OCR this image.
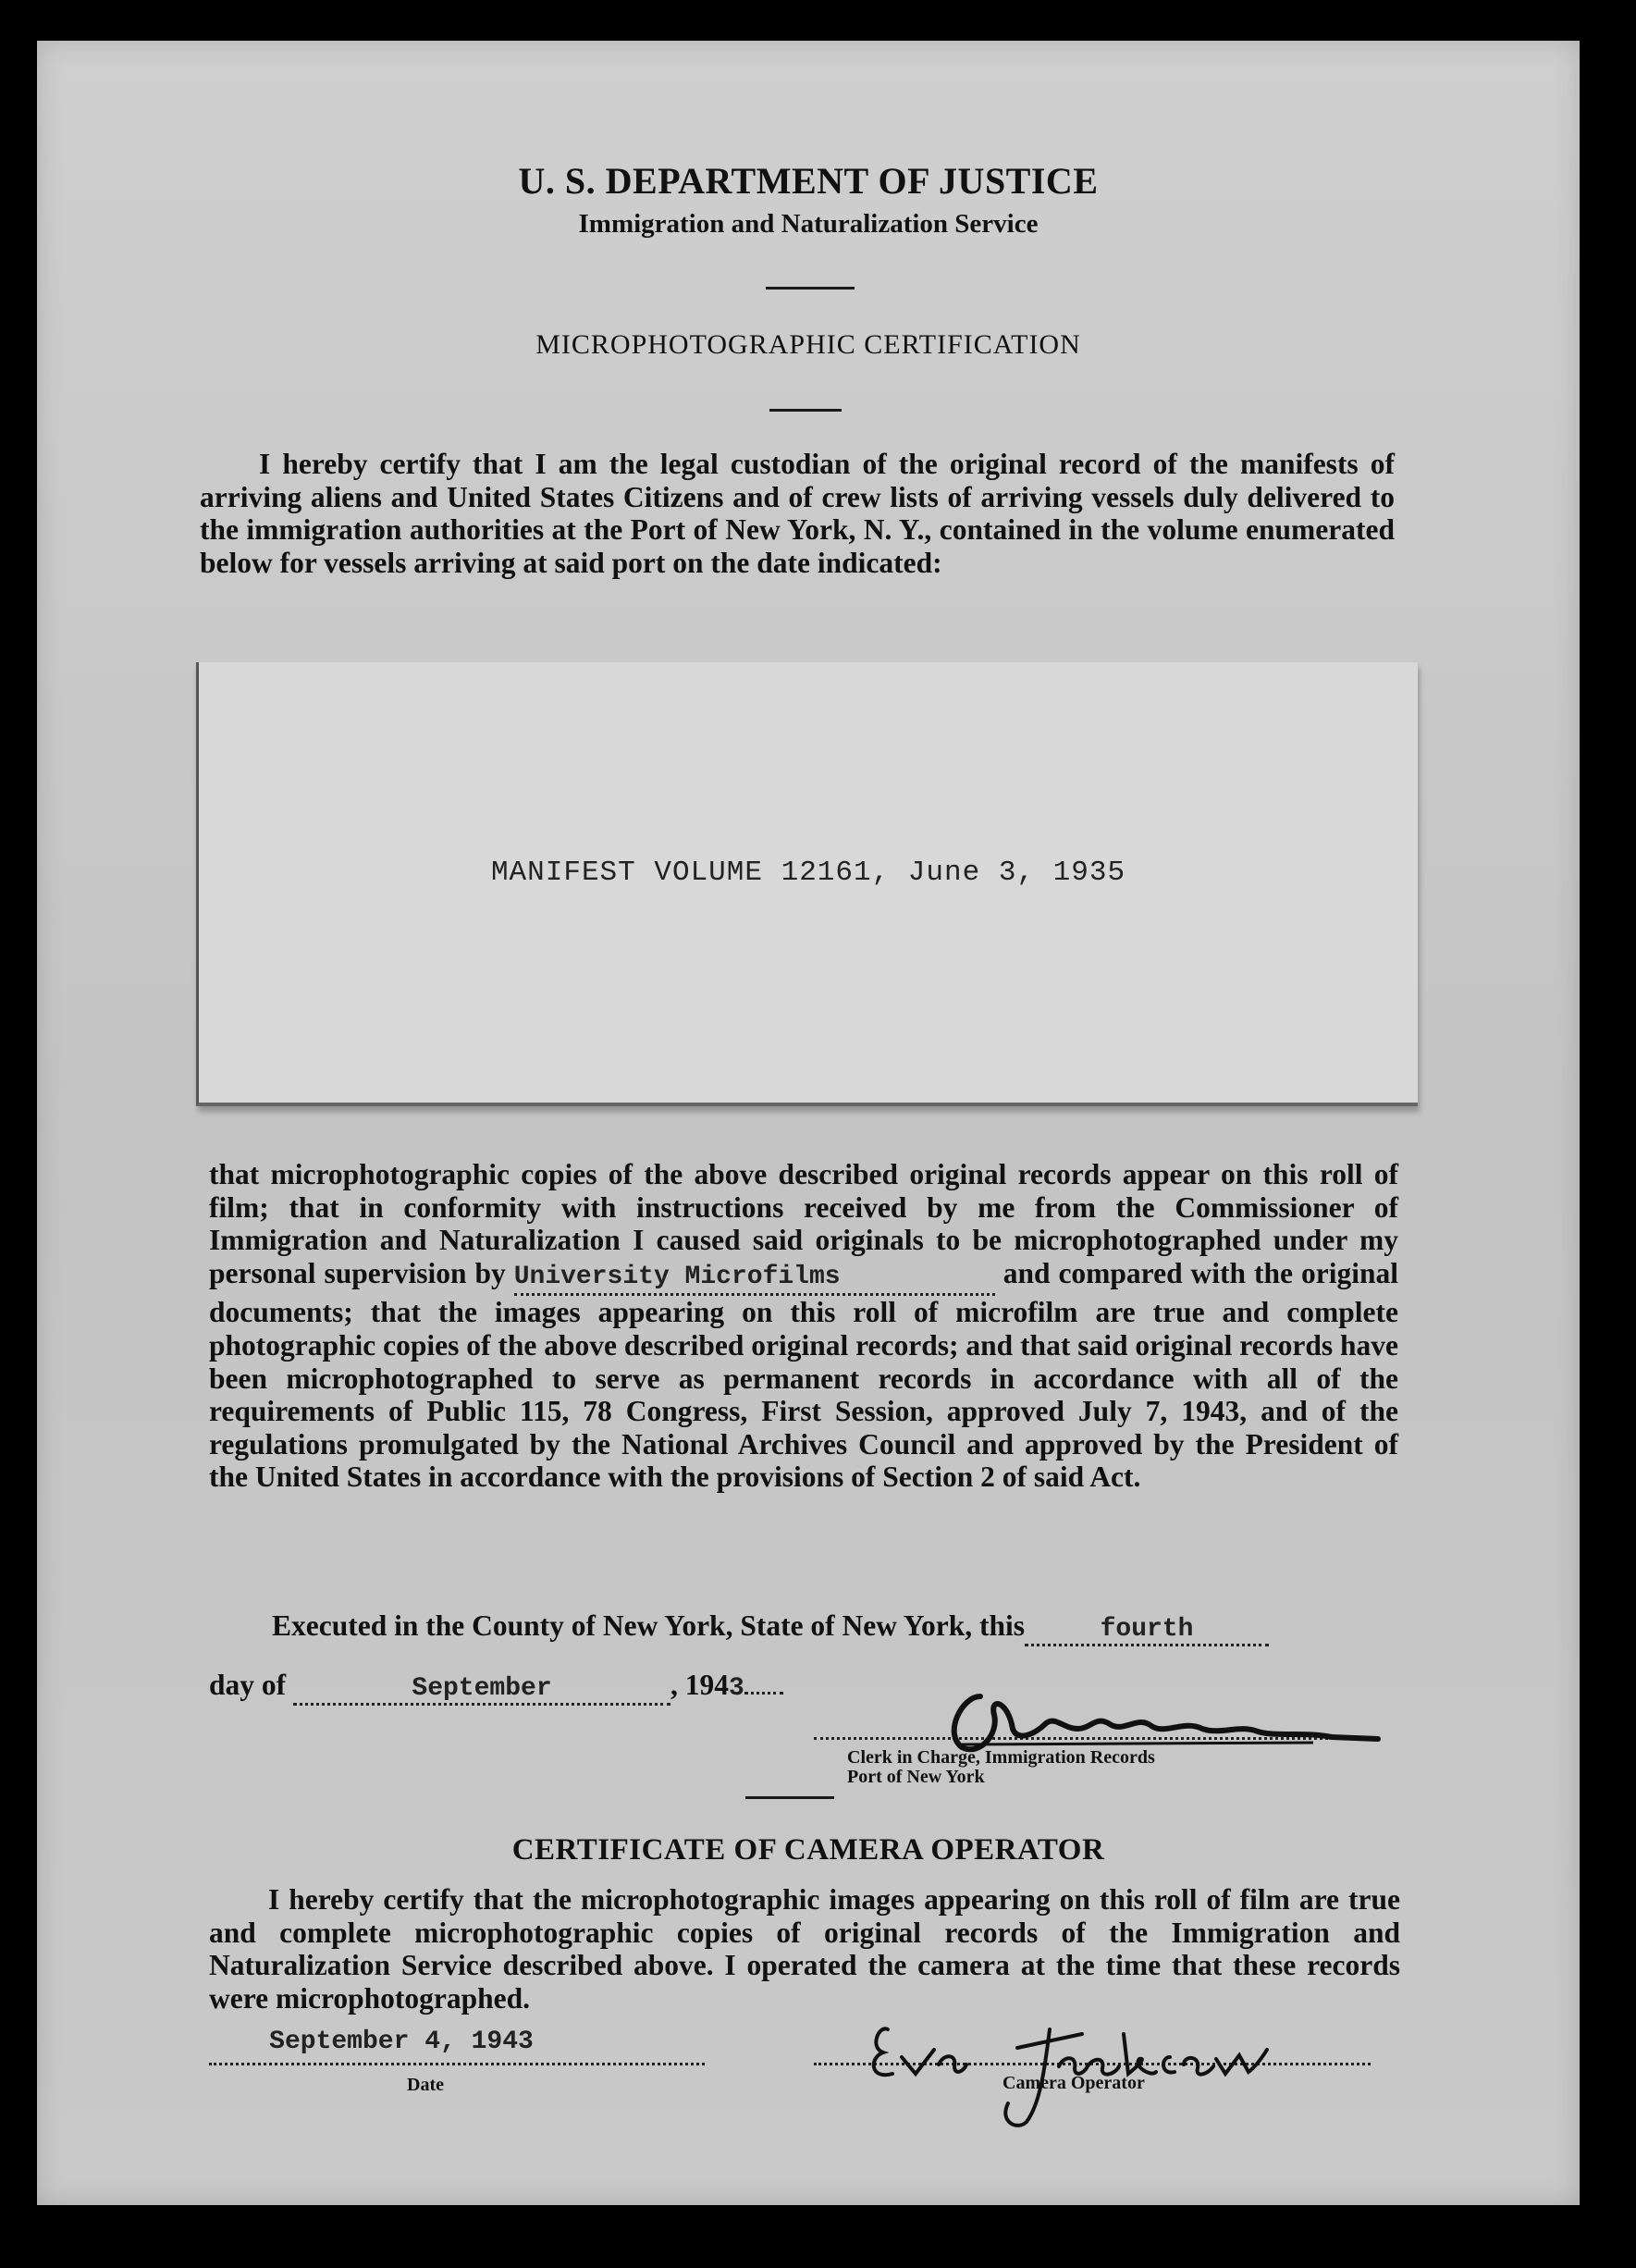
U. S. DEPARTMENT OF JUSTICE
Immigration and Naturalization Service
MICROPHOTOGRAPHIC CERTIFICATION
I hereby certify that I am the legal custodian of the original record of the manifests of arriving aliens and United States Citizens and of crew lists of arriving vessels duly delivered to the immigration authorities at the Port of New York, N. Y., contained in the volume enumerated below for vessels arriving at said port on the date indicated:
MANIFEST VOLUME 12161, June 3, 1935
that microphotographic copies of the above described original records appear on this roll of film; that in conformity with instructions received by me from the Commissioner of Immigration and Naturalization I caused said originals to be microphotographed under my personal supervision by University Microfilms	and compared with the original documents; that the images appearing on this roll of microfilm are true and complete photographic copies of the above described original records; and that said original records have been microphotographed to serve as permanent records in accordance with all of the requirements of Public 115, 78 Congress, First Session, approved July 7, 1943, and of the regulations promulgated by the National Archives Council and approved by the President of the United States in accordance with the provisions of Section 2 of said Act.
Executed in the County of New York, State of New York, this	fourth
day of	September	, 1943
Clerk in Charge, Immigration Records
Port of New York
CERTIFICATE OF CAMERA OPERATOR
I hereby certify that the microphotographic images appearing on this roll of film are true and complete microphotographic copies of original records of the Immigration and Naturalization Service described above. I operated the camera at the time that these records were microphotographed.
September 4, 1943
Date	Camera Operator
